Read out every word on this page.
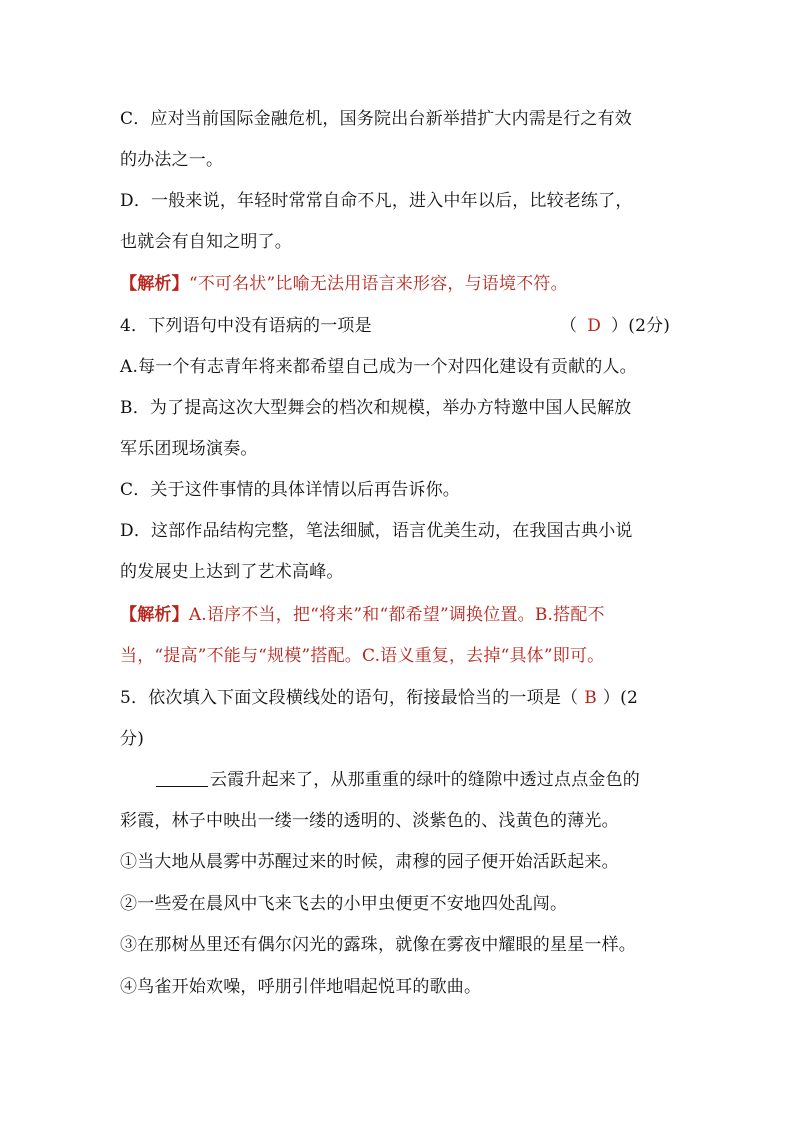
C．应对当前国际金融危机，国务院出台新举措扩大内需是行之有效
的办法之一。
D．一般来说，年轻时常常自命不凡，进入中年以后，比较老练了，
也就会有自知之明了。
【解析】“不可名状”比喻无法用语言来形容，与语境不符。
4．下列语句中没有语病的一项是	（ D ）(2分)
A.每一个有志青年将来都希望自己成为一个对四化建设有贡献的人。
B．为了提高这次大型舞会的档次和规模，举办方特邀中国人民解放
军乐团现场演奏。
C．关于这件事情的具体详情以后再告诉你。
D．这部作品结构完整，笔法细腻，语言优美生动，在我国古典小说
的发展史上达到了艺术高峰。
【解析】A.语序不当，把“将来”和“都希望”调换位置。B.搭配不
当，“提高”不能与“规模”搭配。C.语义重复，去掉“具体”即可。
5．依次填入下面文段横线处的语句，衔接最恰当的一项是（ B ）(2
分)
云霞升起来了，从那重重的绿叶的缝隙中透过点点金色的
彩霞，林子中映出一缕一缕的透明的、淡紫色的、浅黄色的薄光。
①当大地从晨雾中苏醒过来的时候，肃穆的园子便开始活跃起来。
②一些爱在晨风中飞来飞去的小甲虫便更不安地四处乱闯。
③在那树丛里还有偶尔闪光的露珠，就像在雾夜中耀眼的星星一样。
④鸟雀开始欢噪，呼朋引伴地唱起悦耳的歌曲。
